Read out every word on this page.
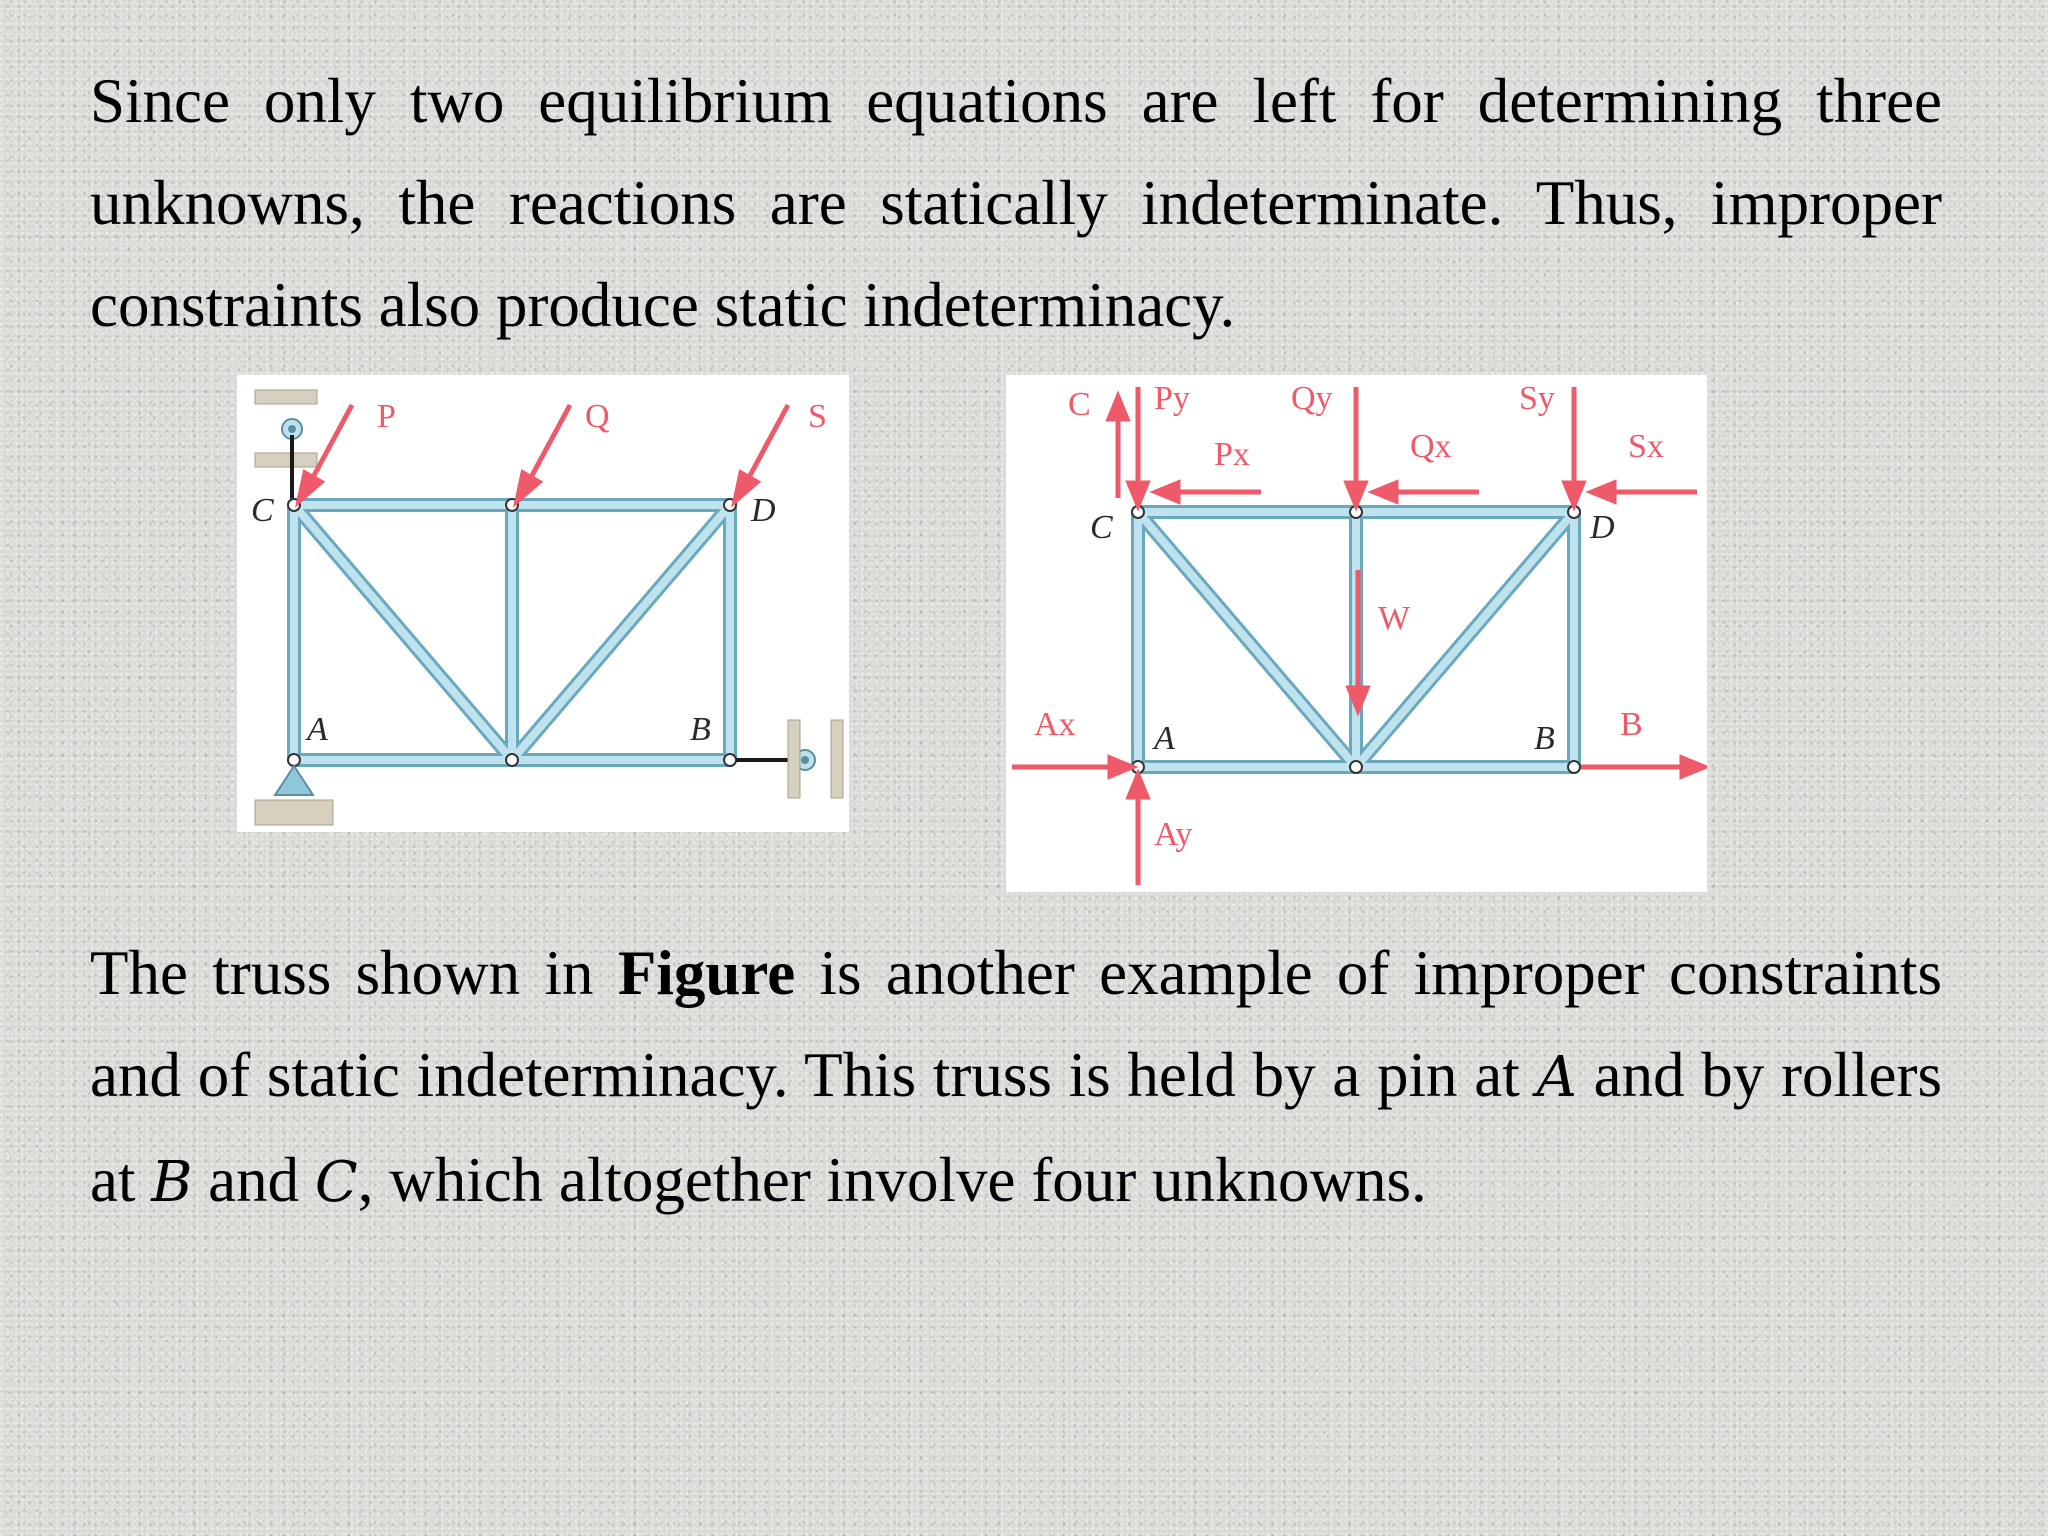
Since only two equilibrium equations are left for determining three unknowns, the reactions are statically indeterminate. Thus, improper constraints also produce static indeterminacy.

P	Q	S
C	D
A	B
C Py
Px
Qy
Qx
Sy
Sx
W
Ax
Ay
B
C	D
A	B

The truss shown in Figure is another example of improper constraints and of static indeterminacy. This truss is held by a pin at A and by rollers at B and C, which altogether involve four unknowns.
